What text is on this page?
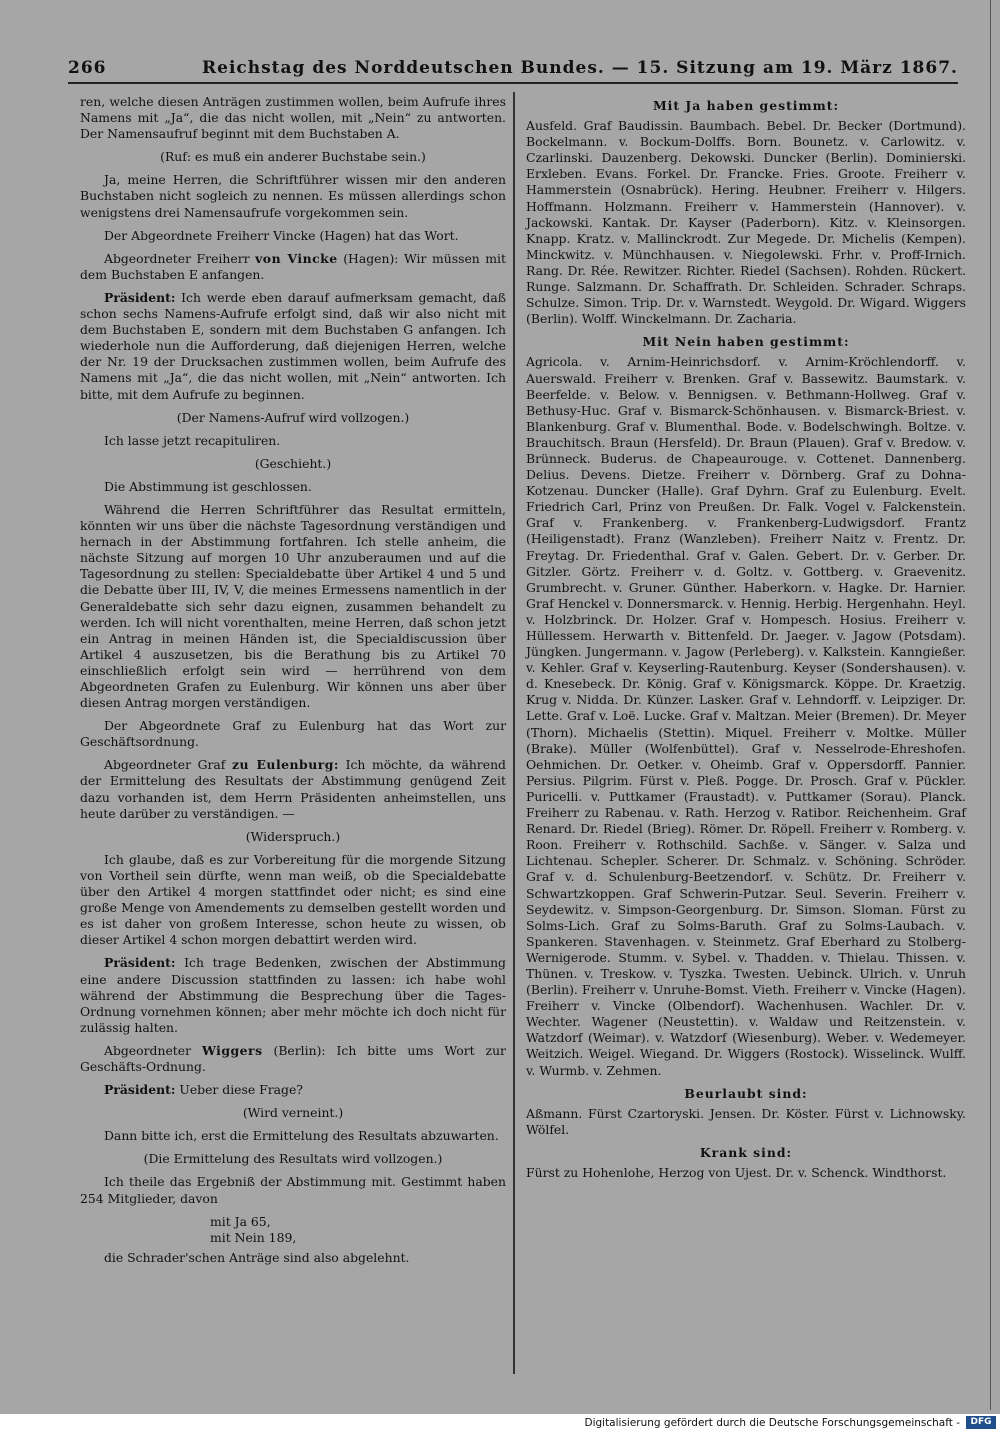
266	Reichstag des Norddeutschen Bundes. — 15. Sitzung am 19. März 1867.

ren, welche diesen Anträgen zustimmen wollen, beim Aufrufe ihres Namens mit „Ja“, die das nicht wollen, mit „Nein“ zu antworten. Der Namensaufruf beginnt mit dem Buchstaben A.

(Ruf: es muß ein anderer Buchstabe sein.)

Ja, meine Herren, die Schriftführer wissen mir den anderen Buchstaben nicht sogleich zu nennen. Es müssen allerdings schon wenigstens drei Namensaufrufe vorgekommen sein.

Der Abgeordnete Freiherr Vincke (Hagen) hat das Wort.

Abgeordneter Freiherr von Vincke (Hagen): Wir müssen mit dem Buchstaben E anfangen.

Präsident: Ich werde eben darauf aufmerksam gemacht, daß schon sechs Namens-Aufrufe erfolgt sind, daß wir also nicht mit dem Buchstaben E, sondern mit dem Buchstaben G anfangen. Ich wiederhole nun die Aufforderung, daß diejenigen Herren, welche der Nr. 19 der Drucksachen zustimmen wollen, beim Aufrufe des Namens mit „Ja“, die das nicht wollen, mit „Nein“ antworten. Ich bitte, mit dem Aufrufe zu beginnen.

(Der Namens-Aufruf wird vollzogen.)

Ich lasse jetzt recapituliren.

(Geschieht.)

Die Abstimmung ist geschlossen.

Während die Herren Schriftführer das Resultat ermitteln, könnten wir uns über die nächste Tagesordnung verständigen und hernach in der Abstimmung fortfahren. Ich stelle anheim, die nächste Sitzung auf morgen 10 Uhr anzuberaumen und auf die Tagesordnung zu stellen: Specialdebatte über Artikel 4 und 5 und die Debatte über III, IV, V, die meines Ermessens namentlich in der Generaldebatte sich sehr dazu eignen, zusammen behandelt zu werden. Ich will nicht vorenthalten, meine Herren, daß schon jetzt ein Antrag in meinen Händen ist, die Specialdiscussion über Artikel 4 auszusetzen, bis die Berathung bis zu Artikel 70 einschließlich erfolgt sein wird — herrührend von dem Abgeordneten Grafen zu Eulenburg. Wir können uns aber über diesen Antrag morgen verständigen.

Der Abgeordnete Graf zu Eulenburg hat das Wort zur Geschäftsordnung.

Abgeordneter Graf zu Eulenburg: Ich möchte, da während der Ermittelung des Resultats der Abstimmung genügend Zeit dazu vorhanden ist, dem Herrn Präsidenten anheimstellen, uns heute darüber zu verständigen. —

(Widerspruch.)

Ich glaube, daß es zur Vorbereitung für die morgende Sitzung von Vortheil sein dürfte, wenn man weiß, ob die Specialdebatte über den Artikel 4 morgen stattfindet oder nicht; es sind eine große Menge von Amendements zu demselben gestellt worden und es ist daher von großem Interesse, schon heute zu wissen, ob dieser Artikel 4 schon morgen debattirt werden wird.

Präsident: Ich trage Bedenken, zwischen der Abstimmung eine andere Discussion stattfinden zu lassen: ich habe wohl während der Abstimmung die Besprechung über die Tages-Ordnung vornehmen können; aber mehr möchte ich doch nicht für zulässig halten.

Abgeordneter Wiggers (Berlin): Ich bitte ums Wort zur Geschäfts-Ordnung.

Präsident: Ueber diese Frage?

(Wird verneint.)

Dann bitte ich, erst die Ermittelung des Resultats abzuwarten.

(Die Ermittelung des Resultats wird vollzogen.)

Ich theile das Ergebniß der Abstimmung mit. Gestimmt haben 254 Mitglieder, davon

mit Ja 65,
mit Nein 189,

die Schrader'schen Anträge sind also abgelehnt.

Mit Ja haben gestimmt:

Ausfeld. Graf Baudissin. Baumbach. Bebel. Dr. Becker (Dortmund). Bockelmann. v. Bockum-Dolffs. Born. Bounetz. v. Carlowitz. v. Czarlinski. Dauzenberg. Dekowski. Duncker (Berlin). Dominierski. Erxleben. Evans. Forkel. Dr. Francke. Fries. Groote. Freiherr v. Hammerstein (Osnabrück). Hering. Heubner. Freiherr v. Hilgers. Hoffmann. Holzmann. Freiherr v. Hammerstein (Hannover). v. Jackowski. Kantak. Dr. Kayser (Paderborn). Kitz. v. Kleinsorgen. Knapp. Kratz. v. Mallinckrodt. Zur Megede. Dr. Michelis (Kempen). Minckwitz. v. Münchhausen. v. Niegolewski. Frhr. v. Proff-Irnich. Rang. Dr. Rée. Rewitzer. Richter. Riedel (Sachsen). Rohden. Rückert. Runge. Salzmann. Dr. Schaffrath. Dr. Schleiden. Schrader. Schraps. Schulze. Simon. Trip. Dr. v. Warnstedt. Weygold. Dr. Wigard. Wiggers (Berlin). Wolff. Winckelmann. Dr. Zacharia.

Mit Nein haben gestimmt:

Agricola. v. Arnim-Heinrichsdorf. v. Arnim-Kröchlendorff. v. Auerswald. Freiherr v. Brenken. Graf v. Bassewitz. Baumstark. v. Beerfelde. v. Below. v. Bennigsen. v. Bethmann-Hollweg. Graf v. Bethusy-Huc. Graf v. Bismarck-Schönhausen. v. Bismarck-Briest. v. Blankenburg. Graf v. Blumenthal. Bode. v. Bodelschwingh. Boltze. v. Brauchitsch. Braun (Hersfeld). Dr. Braun (Plauen). Graf v. Bredow. v. Brünneck. Buderus. de Chapeaurouge. v. Cottenet. Dannenberg. Delius. Devens. Dietze. Freiherr v. Dörnberg. Graf zu Dohna-Kotzenau. Duncker (Halle). Graf Dyhrn. Graf zu Eulenburg. Evelt. Friedrich Carl, Prinz von Preußen. Dr. Falk. Vogel v. Falckenstein. Graf v. Frankenberg. v. Frankenberg-Ludwigsdorf. Frantz (Heiligenstadt). Franz (Wanzleben). Freiherr Naitz v. Frentz. Dr. Freytag. Dr. Friedenthal. Graf v. Galen. Gebert. Dr. v. Gerber. Dr. Gitzler. Görtz. Freiherr v. d. Goltz. v. Gottberg. v. Graevenitz. Grumbrecht. v. Gruner. Günther. Haberkorn. v. Hagke. Dr. Harnier. Graf Henckel v. Donnersmarck. v. Hennig. Herbig. Hergenhahn. Heyl. v. Holzbrinck. Dr. Holzer. Graf v. Hompesch. Hosius. Freiherr v. Hüllessem. Herwarth v. Bittenfeld. Dr. Jaeger. v. Jagow (Potsdam). Jüngken. Jungermann. v. Jagow (Perleberg). v. Kalkstein. Kanngießer. v. Kehler. Graf v. Keyserling-Rautenburg. Keyser (Sondershausen). v. d. Knesebeck. Dr. König. Graf v. Königsmarck. Köppe. Dr. Kraetzig. Krug v. Nidda. Dr. Künzer. Lasker. Graf v. Lehndorff. v. Leipziger. Dr. Lette. Graf v. Loë. Lucke. Graf v. Maltzan. Meier (Bremen). Dr. Meyer (Thorn). Michaelis (Stettin). Miquel. Freiherr v. Moltke. Müller (Brake). Müller (Wolfenbüttel). Graf v. Nesselrode-Ehreshofen. Oehmichen. Dr. Oetker. v. Oheimb. Graf v. Oppersdorff. Pannier. Persius. Pilgrim. Fürst v. Pleß. Pogge. Dr. Prosch. Graf v. Pückler. Puricelli. v. Puttkamer (Fraustadt). v. Puttkamer (Sorau). Planck. Freiherr zu Rabenau. v. Rath. Herzog v. Ratibor. Reichenheim. Graf Renard. Dr. Riedel (Brieg). Römer. Dr. Röpell. Freiherr v. Romberg. v. Roon. Freiherr v. Rothschild. Sachße. v. Sänger. v. Salza und Lichtenau. Schepler. Scherer. Dr. Schmalz. v. Schöning. Schröder. Graf v. d. Schulenburg-Beetzendorf. v. Schütz. Dr. Freiherr v. Schwartzkoppen. Graf Schwerin-Putzar. Seul. Severin. Freiherr v. Seydewitz. v. Simpson-Georgenburg. Dr. Simson. Sloman. Fürst zu Solms-Lich. Graf zu Solms-Baruth. Graf zu Solms-Laubach. v. Spankeren. Stavenhagen. v. Steinmetz. Graf Eberhard zu Stolberg-Wernigerode. Stumm. v. Sybel. v. Thadden. v. Thielau. Thissen. v. Thünen. v. Treskow. v. Tyszka. Twesten. Uebinck. Ulrich. v. Unruh (Berlin). Freiherr v. Unruhe-Bomst. Vieth. Freiherr v. Vincke (Hagen). Freiherr v. Vincke (Olbendorf). Wachenhusen. Wachler. Dr. v. Wechter. Wagener (Neustettin). v. Waldaw und Reitzenstein. v. Watzdorf (Weimar). v. Watzdorf (Wiesenburg). Weber. v. Wedemeyer. Weitzich. Weigel. Wiegand. Dr. Wiggers (Rostock). Wisselinck. Wulff. v. Wurmb. v. Zehmen.

Beurlaubt sind:

Aßmann. Fürst Czartoryski. Jensen. Dr. Köster. Fürst v. Lichnowsky. Wölfel.

Krank sind:

Fürst zu Hohenlohe, Herzog von Ujest. Dr. v. Schenck. Windthorst.

Digitalisierung gefördert durch die Deutsche Forschungsgemeinschaft -	DFG
